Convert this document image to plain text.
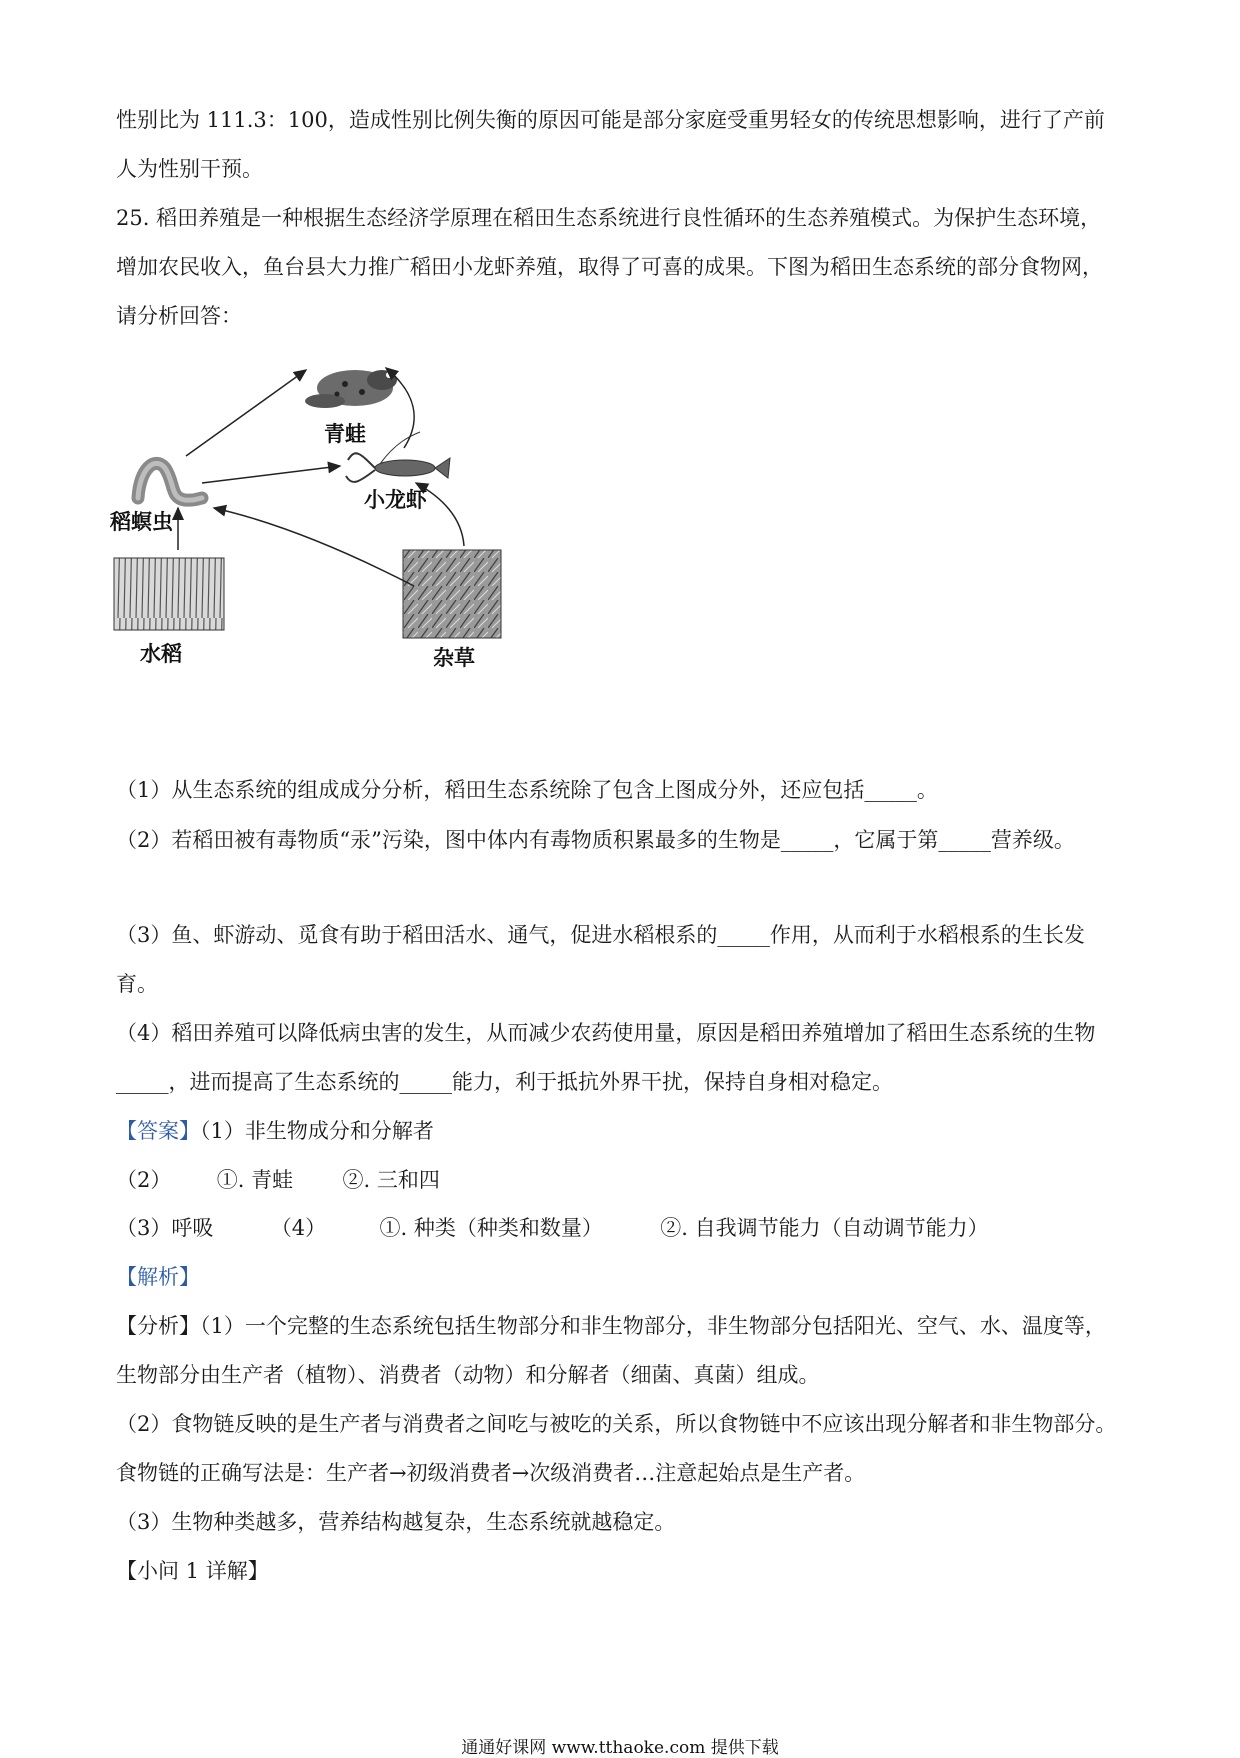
性别比为 111.3：100，造成性别比例失衡的原因可能是部分家庭受重男轻女的传统思想影响，进行了产前
人为性别干预。
25. 稻田养殖是一种根据生态经济学原理在稻田生态系统进行良性循环的生态养殖模式。为保护生态环境，
增加农民收入，鱼台县大力推广稻田小龙虾养殖，取得了可喜的成果。下图为稻田生态系统的部分食物网，
请分析回答：
青蛙
小龙虾
稻螟虫
水稻	杂草
（1）从生态系统的组成成分分析，稻田生态系统除了包含上图成分外，还应包括_____。
（2）若稻田被有毒物质“汞”污染，图中体内有毒物质积累最多的生物是_____，它属于第_____营养级。
（3）鱼、虾游动、觅食有助于稻田活水、通气，促进水稻根系的_____作用，从而利于水稻根系的生长发
育。
（4）稻田养殖可以降低病虫害的发生，从而减少农药使用量，原因是稻田养殖增加了稻田生态系统的生物
_____，进而提高了生态系统的_____能力，利于抵抗外界干扰，保持自身相对稳定。
【答案】（1）非生物成分和分解者
（2） ①. 青蛙 ②. 三和四
（3）呼吸	（4）	①. 种类（种类和数量）	②. 自我调节能力（自动调节能力）
【解析】
【分析】（1）一个完整的生态系统包括生物部分和非生物部分，非生物部分包括阳光、空气、水、温度等，
生物部分由生产者（植物）、消费者（动物）和分解者（细菌、真菌）组成。
（2）食物链反映的是生产者与消费者之间吃与被吃的关系，所以食物链中不应该出现分解者和非生物部分。
食物链的正确写法是：生产者→初级消费者→次级消费者…注意起始点是生产者。
（3）生物种类越多，营养结构越复杂，生态系统就越稳定。
【小问 1 详解】
通通好课网 www.tthaoke.com 提供下载
